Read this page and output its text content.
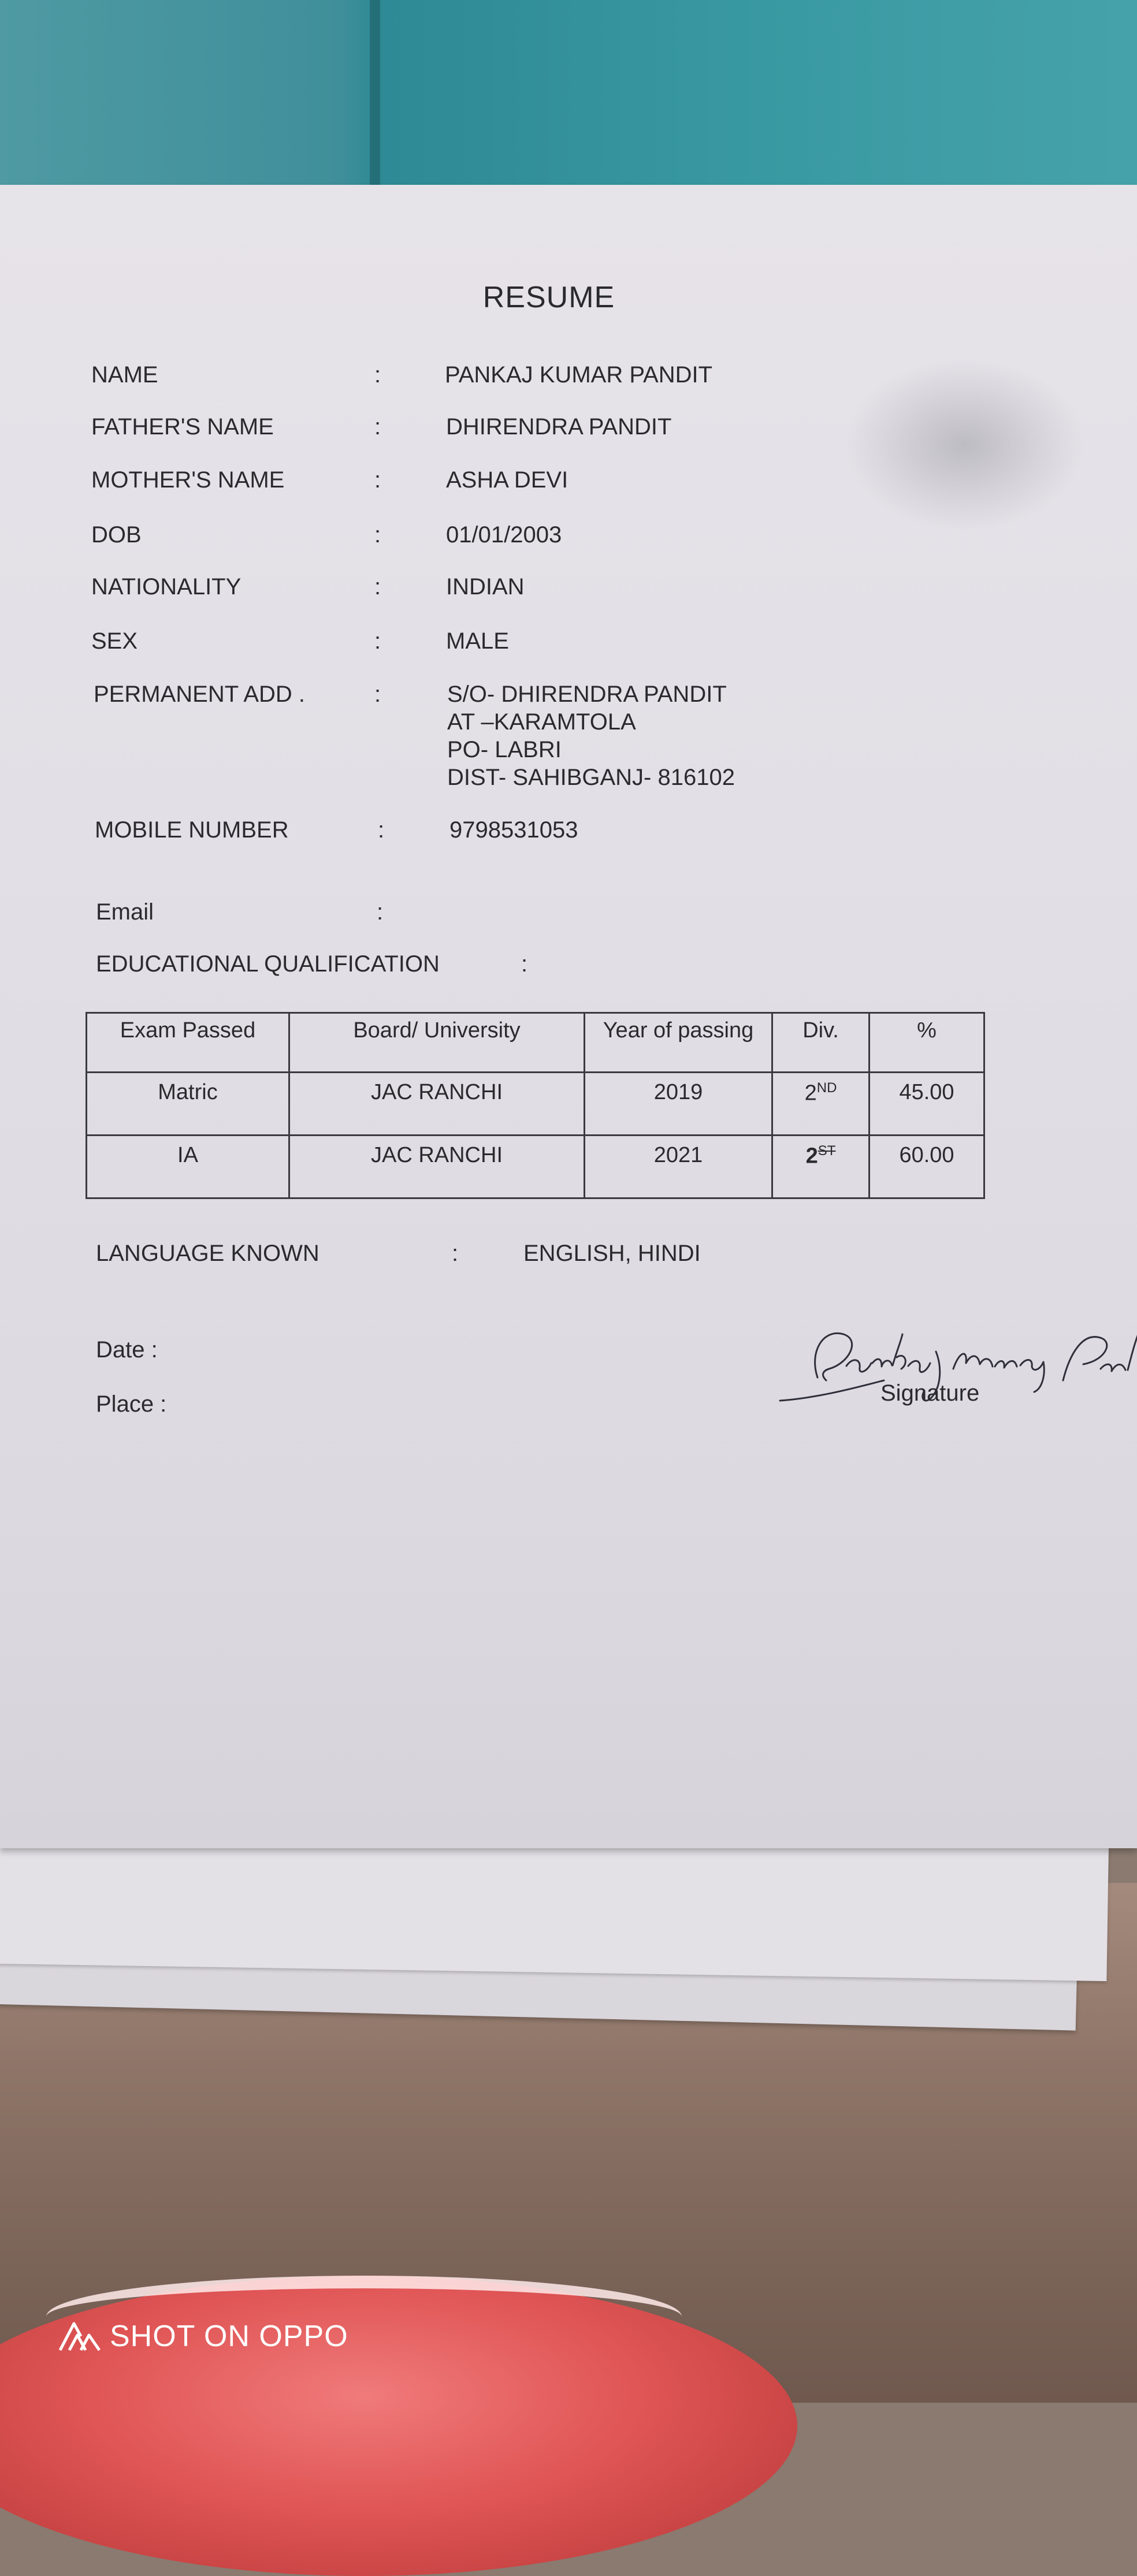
RESUME
NAME	:	PANKAJ KUMAR PANDIT
FATHER'S NAME	:	DHIRENDRA PANDIT
MOTHER'S NAME	:	ASHA DEVI
DOB	:	01/01/2003
NATIONALITY	:	INDIAN
SEX	:	MALE
PERMANENT ADD .	:	S/O- DHIRENDRA PANDIT
AT –KARAMTOLA
PO- LABRI
DIST- SAHIBGANJ- 816102
MOBILE NUMBER	:	9798531053
Email	:
EDUCATIONAL QUALIFICATION	:
Exam Passed	Board/ University	Year of passing	Div.	%
Matric	JAC RANCHI	2019	2ND	45.00
IA	JAC RANCHI	2021	2ST	60.00
LANGUAGE KNOWN	:	ENGLISH, HINDI
Date :
Place :	Signature
SHOT ON OPPO
